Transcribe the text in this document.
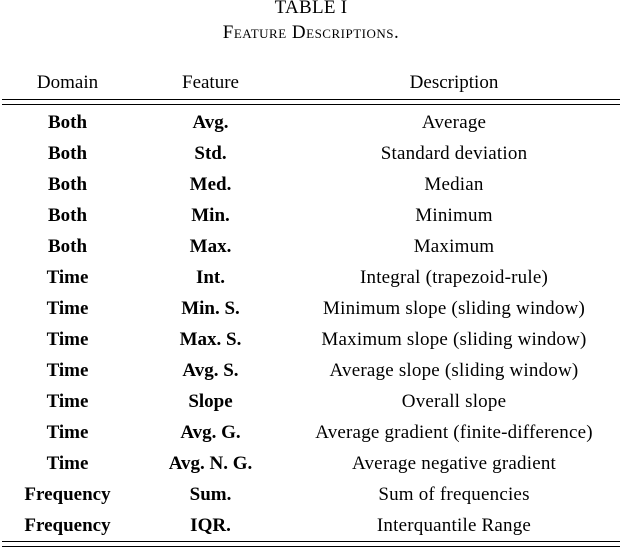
TABLE I
Feature Descriptions.
Domain	Feature	Description
Both	Avg.	Average
Both	Std.	Standard deviation
Both	Med.	Median
Both	Min.	Minimum
Both	Max.	Maximum
Time	Int.	Integral (trapezoid-rule)
Time	Min. S.	Minimum slope (sliding window)
Time	Max. S.	Maximum slope (sliding window)
Time	Avg. S.	Average slope (sliding window)
Time	Slope	Overall slope
Time	Avg. G.	Average gradient (finite-difference)
Time	Avg. N. G.	Average negative gradient
Frequency	Sum.	Sum of frequencies
Frequency	IQR.	Interquantile Range
